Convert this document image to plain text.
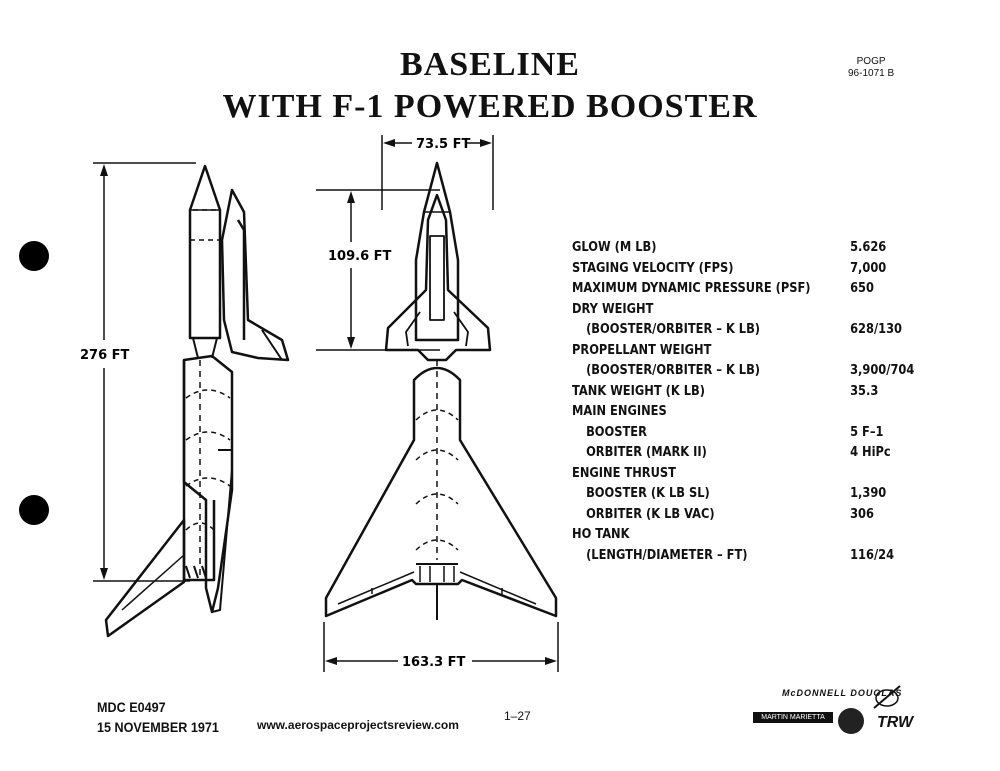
BASELINE
WITH F-1 POWERED BOOSTER
POGP
96-1071 B
276 FT
109.6 FT
73.5 FT
163.3 FT
GLOW (M LB)	5.626
STAGING VELOCITY (FPS)	7,000
MAXIMUM DYNAMIC PRESSURE (PSF)	650
DRY WEIGHT
(BOOSTER/ORBITER – K LB)	628/130
PROPELLANT WEIGHT
(BOOSTER/ORBITER – K LB)	3,900/704
TANK WEIGHT (K LB)	35.3
MAIN ENGINES
BOOSTER	5 F–1
ORBITER (MARK II)	4 HiPc
ENGINE THRUST
BOOSTER (K LB SL)	1,390
ORBITER (K LB VAC)	306
HO TANK
(LENGTH/DIAMETER – FT)	116/24
MDC E0497
15 NOVEMBER 1971	www.aerospaceprojectsreview.com
1–27
McDONNELL DOUGLAS
MARTIN MARIETTA	TRW
